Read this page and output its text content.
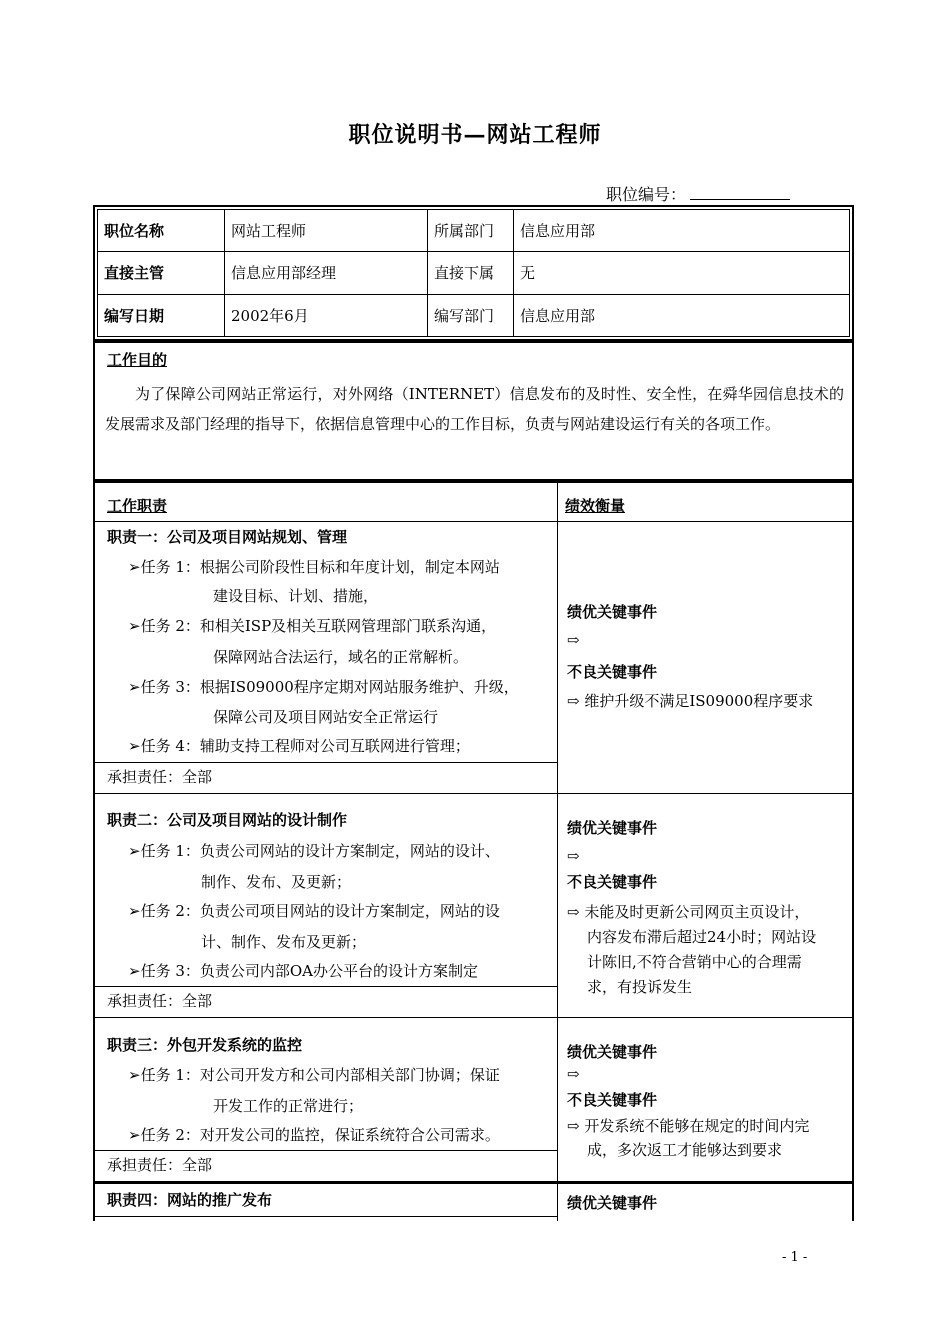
职位说明书—网站工程师
职位编号：
职位名称	网站工程师	所属部门	信息应用部
直接主管	信息应用部经理	直接下属	无
编写日期	2002年6月	编写部门	信息应用部
工作目的
为了保障公司网站正常运行，对外网络（INTERNET）信息发布的及时性、安全性，在舜华园信息技术的发展需求及部门经理的指导下，依据信息管理中心的工作目标，负责与网站建设运行有关的各项工作。
工作职责	绩效衡量
职责一：公司及项目网站规划、管理
➢任务 1：根据公司阶段性目标和年度计划，制定本网站
建设目标、计划、措施，
➢任务 2：和相关ISP及相关互联网管理部门联系沟通，
保障网站合法运行，域名的正常解析。
➢任务 3：根据IS09000程序定期对网站服务维护、升级，
保障公司及项目网站安全正常运行
➢任务 4：辅助支持工程师对公司互联网进行管理；
承担责任：全部
绩优关键事件
⇨
不良关键事件
⇨ 维护升级不满足IS09000程序要求
职责二：公司及项目网站的设计制作
➢任务 1：负责公司网站的设计方案制定，网站的设计、
制作、发布、及更新；
➢任务 2：负责公司项目网站的设计方案制定，网站的设
计、制作、发布及更新；
➢任务 3：负责公司内部OA办公平台的设计方案制定
承担责任：全部
绩优关键事件
⇨
不良关键事件
⇨ 未能及时更新公司网页主页设计，
内容发布滞后超过24小时；网站设
计陈旧,不符合营销中心的合理需
求，有投诉发生
职责三：外包开发系统的监控
➢任务 1：对公司开发方和公司内部相关部门协调；保证
开发工作的正常进行；
➢任务 2：对开发公司的监控，保证系统符合公司需求。
承担责任：全部
绩优关键事件
⇨
不良关键事件
⇨ 开发系统不能够在规定的时间内完
成，多次返工才能够达到要求
职责四：网站的推广发布	绩优关键事件
- 1 -
